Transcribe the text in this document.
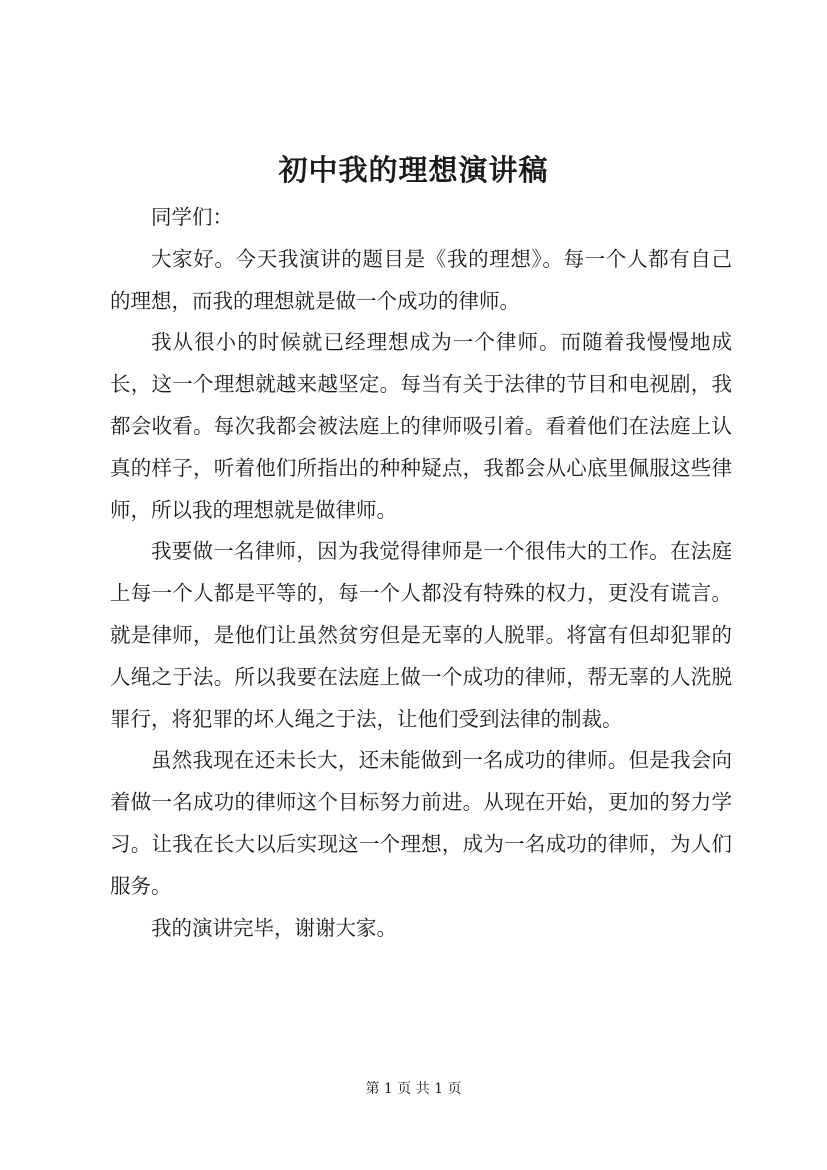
初中我的理想演讲稿

同学们：

大家好。今天我演讲的题目是《我的理想》。每一个人都有自己的理想，而我的理想就是做一个成功的律师。

我从很小的时候就已经理想成为一个律师。而随着我慢慢地成长，这一个理想就越来越坚定。每当有关于法律的节目和电视剧，我都会收看。每次我都会被法庭上的律师吸引着。看着他们在法庭上认真的样子，听着他们所指出的种种疑点，我都会从心底里佩服这些律师，所以我的理想就是做律师。

我要做一名律师，因为我觉得律师是一个很伟大的工作。在法庭上每一个人都是平等的，每一个人都没有特殊的权力，更没有谎言。就是律师，是他们让虽然贫穷但是无辜的人脱罪。将富有但却犯罪的人绳之于法。所以我要在法庭上做一个成功的律师，帮无辜的人洗脱罪行，将犯罪的坏人绳之于法，让他们受到法律的制裁。

虽然我现在还未长大，还未能做到一名成功的律师。但是我会向着做一名成功的律师这个目标努力前进。从现在开始，更加的努力学习。让我在长大以后实现这一个理想，成为一名成功的律师，为人们服务。

我的演讲完毕，谢谢大家。

第 1 页 共 1 页
